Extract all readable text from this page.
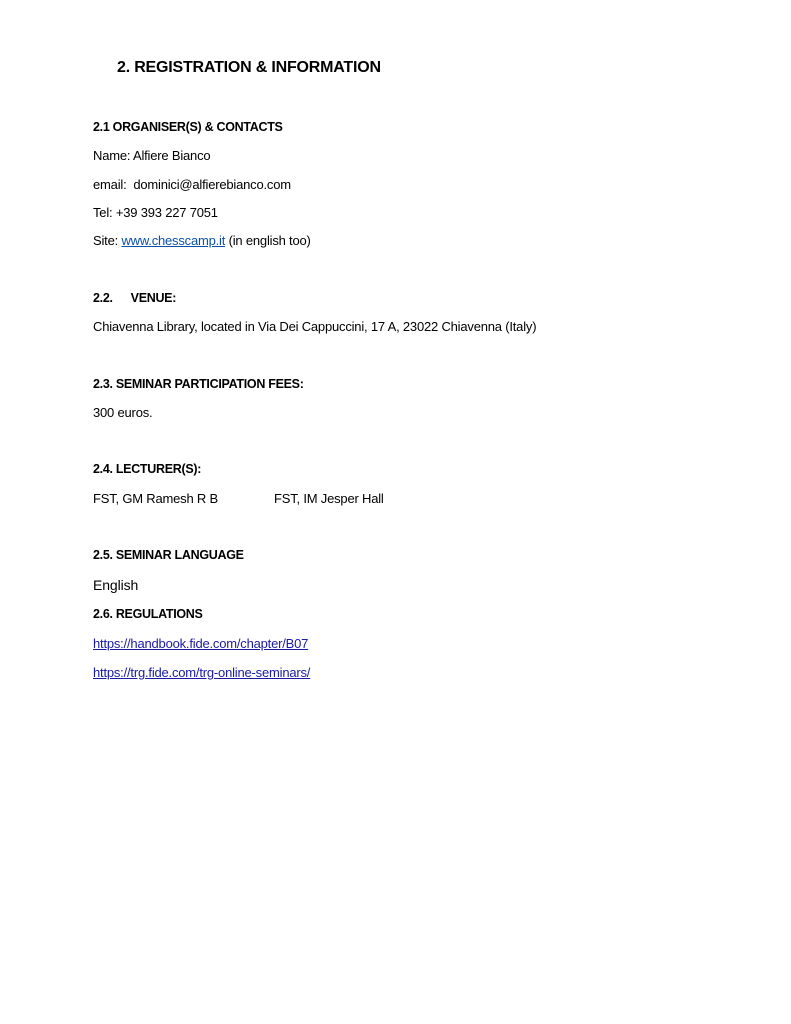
2. REGISTRATION & INFORMATION
2.1 ORGANISER(S) & CONTACTS
Name: Alfiere Bianco
email: dominici@alfierebianco.com
Tel: +39 393 227 7051
Site: www.chesscamp.it (in english too)
2.2. VENUE:
Chiavenna Library, located in Via Dei Cappuccini, 17 A, 23022 Chiavenna (Italy)
2.3. SEMINAR PARTICIPATION FEES:
300 euros.
2.4. LECTURER(S):
FST, GM Ramesh R B	FST, IM Jesper Hall
2.5. SEMINAR LANGUAGE
English
2.6. REGULATIONS
https://handbook.fide.com/chapter/B07
https://trg.fide.com/trg-online-seminars/
